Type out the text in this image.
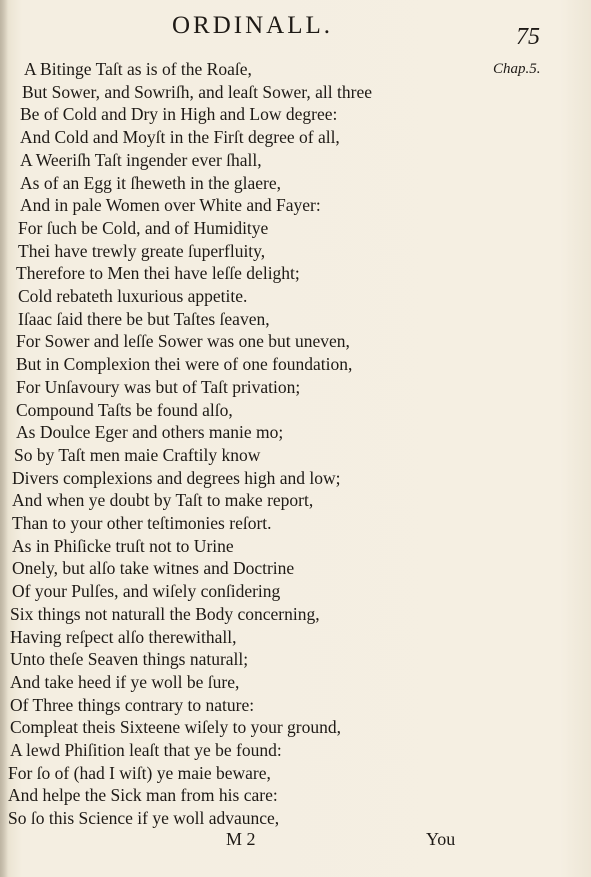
ORDINALL.	75
Chap.5.
A Bitinge Taſt as is of the Roaſe,
But Sower, and Sowriſh, and leaſt Sower, all three
Be of Cold and Dry in High and Low degree:
And Cold and Moyſt in the Firſt degree of all,
A Weeriſh Taſt ingender ever ſhall,
As of an Egg it ſheweth in the glaere,
And in pale Women over White and Fayer:
For ſuch be Cold, and of Humiditye
Thei have trewly greate ſuperfluity,
Therefore to Men thei have leſſe delight;
Cold rebateth luxurious appetite.
Iſaac ſaid there be but Taſtes ſeaven,
For Sower and leſſe Sower was one but uneven,
But in Complexion thei were of one foundation,
For Unſavoury was but of Taſt privation;
Compound Taſts be found alſo,
As Doulce Eger and others manie mo;
So by Taſt men maie Craftily know
Divers complexions and degrees high and low;
And when ye doubt by Taſt to make report,
Than to your other teſtimonies reſort.
As in Phiſicke truſt not to Urine
Onely, but alſo take witnes and Doctrine
Of your Pulſes, and wiſely conſidering
Six things not naturall the Body concerning,
Having reſpect alſo therewithall,
Unto theſe Seaven things naturall;
And take heed if ye woll be ſure,
Of Three things contrary to nature:
Compleat theis Sixteene wiſely to your ground,
A lewd Phiſition leaſt that ye be found:
For ſo of (had I wiſt) ye maie beware,
And helpe the Sick man from his care:
So ſo this Science if ye woll advaunce,
M 2	You
